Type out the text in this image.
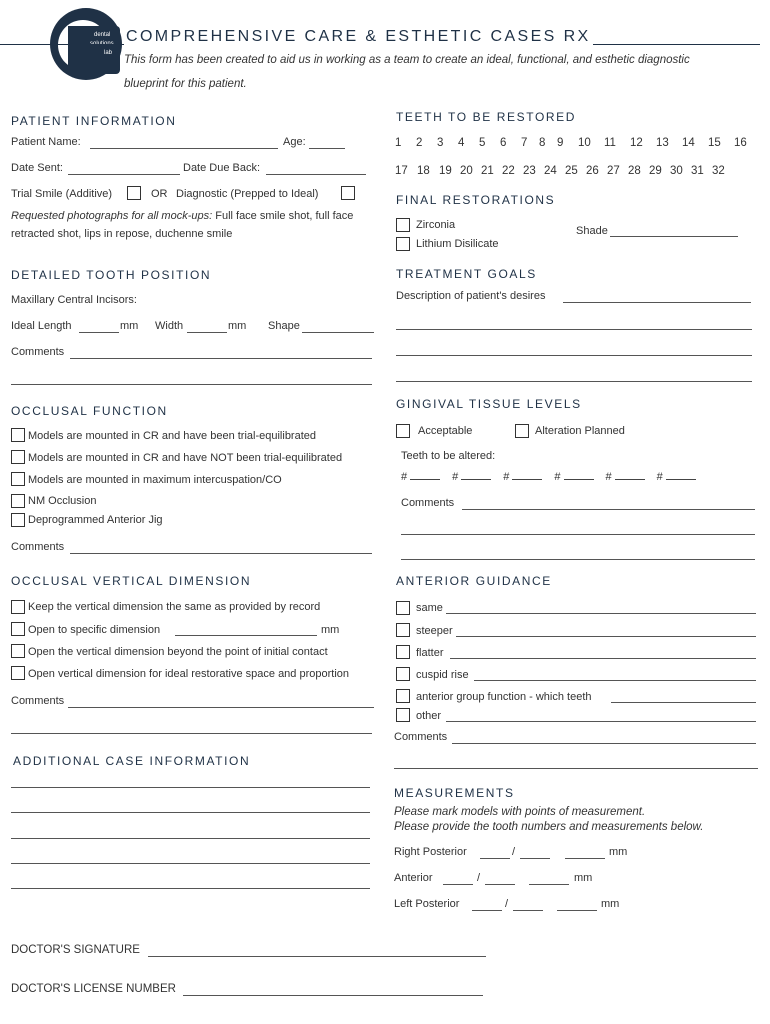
dental
lab
COMPREHENSIVE CARE & ESTHETIC CASES RX
This form has been created to aid us in working as a team to create an ideal, functional, and esthetic diagnostic
blueprint for this patient.
PATIENT INFORMATION
Patient Name:	Age:
Date Sent:	Date Due Back:
Trial Smile (Additive)	OR Diagnostic (Prepped to Ideal)
Requested photographs for all mock-ups: Full face smile shot, full face
retracted shot, lips in repose, duchenne smile
TEETH TO BE RESTORED
1 2 3 4 5 6 7 8 9 10 11 12 13 14 15 16
17 18 19 20 21 22 23 24 25 26 27 28 29 30 31 32
FINAL RESTORATIONS
Zirconia
Lithium Disilicate
Shade
DETAILED TOOTH POSITION
Maxillary Central Incisors:
Ideal Length	mm Width	mm Shape
Comments
TREATMENT GOALS
Description of patient's desires
OCCLUSAL FUNCTION
Models are mounted in CR and have been trial-equilibrated
Models are mounted in CR and have NOT been trial-equilibrated
Models are mounted in maximum intercuspation/CO
NM Occlusion
Deprogrammed Anterior Jig
Comments
GINGIVAL TISSUE LEVELS
Acceptable	Alteration Planned
Teeth to be altered:
#	#	#	#	#	#
Comments
OCCLUSAL VERTICAL DIMENSION
Keep the vertical dimension the same as provided by record
Open to specific dimension	mm
Open the vertical dimension beyond the point of initial contact
Open vertical dimension for ideal restorative space and proportion
Comments
ANTERIOR GUIDANCE
same
steeper
flatter
cuspid rise
anterior group function - which teeth
other
Comments
ADDITIONAL CASE INFORMATION
MEASUREMENTS
Please mark models with points of measurement.
Please provide the tooth numbers and measurements below.
Right Posterior	/	mm
Anterior	/	mm
Left Posterior	/	mm
DOCTOR'S SIGNATURE
DOCTOR'S LICENSE NUMBER
